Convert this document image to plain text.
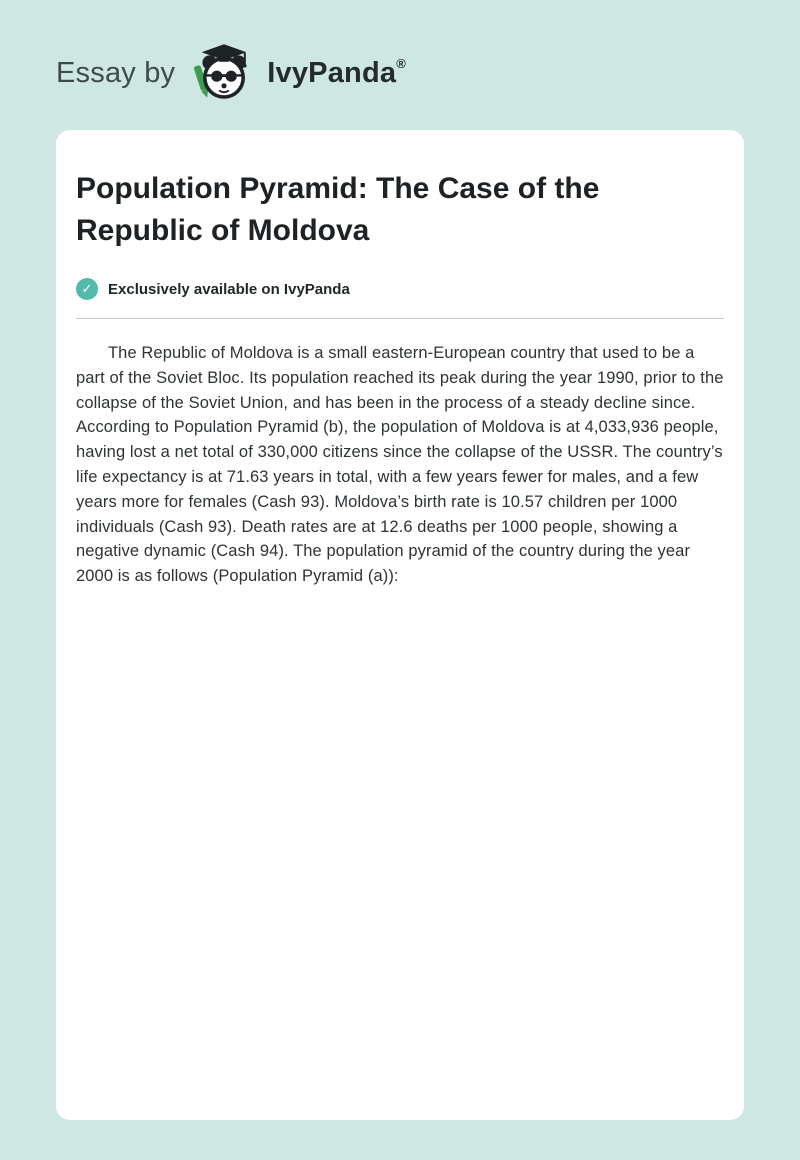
Essay by	IvyPanda®
Population Pyramid: The Case of the Republic of Moldova
✓	Exclusively available on IvyPanda

The Republic of Moldova is a small eastern-European country that used to be a part of the Soviet Bloc. Its population reached its peak during the year 1990, prior to the collapse of the Soviet Union, and has been in the process of a steady decline since. According to Population Pyramid (b), the population of Moldova is at 4,033,936 people, having lost a net total of 330,000 citizens since the collapse of the USSR. The country’s life expectancy is at 71.63 years in total, with a few years fewer for males, and a few years more for females (Cash 93). Moldova’s birth rate is 10.57 children per 1000 individuals (Cash 93). Death rates are at 12.6 deaths per 1000 people, showing a negative dynamic (Cash 94). The population pyramid of the country during the year 2000 is as follows (Population Pyramid (a)):
